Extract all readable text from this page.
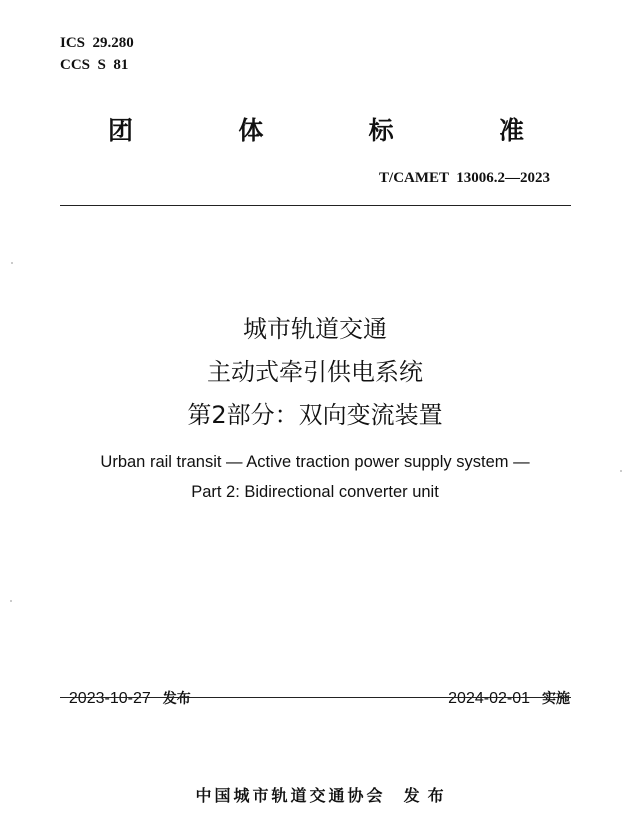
ICS  29.280
CCS  S  81
团	体	标	准
T/CAMET  13006.2—2023
城市轨道交通
主动式牵引供电系统
第2部分：双向变流装置
Urban rail transit — Active traction power supply system —
Part 2: Bidirectional converter unit

2023-10-27 发布	2024-02-01 实施

中国城市轨道交通协会 发布
